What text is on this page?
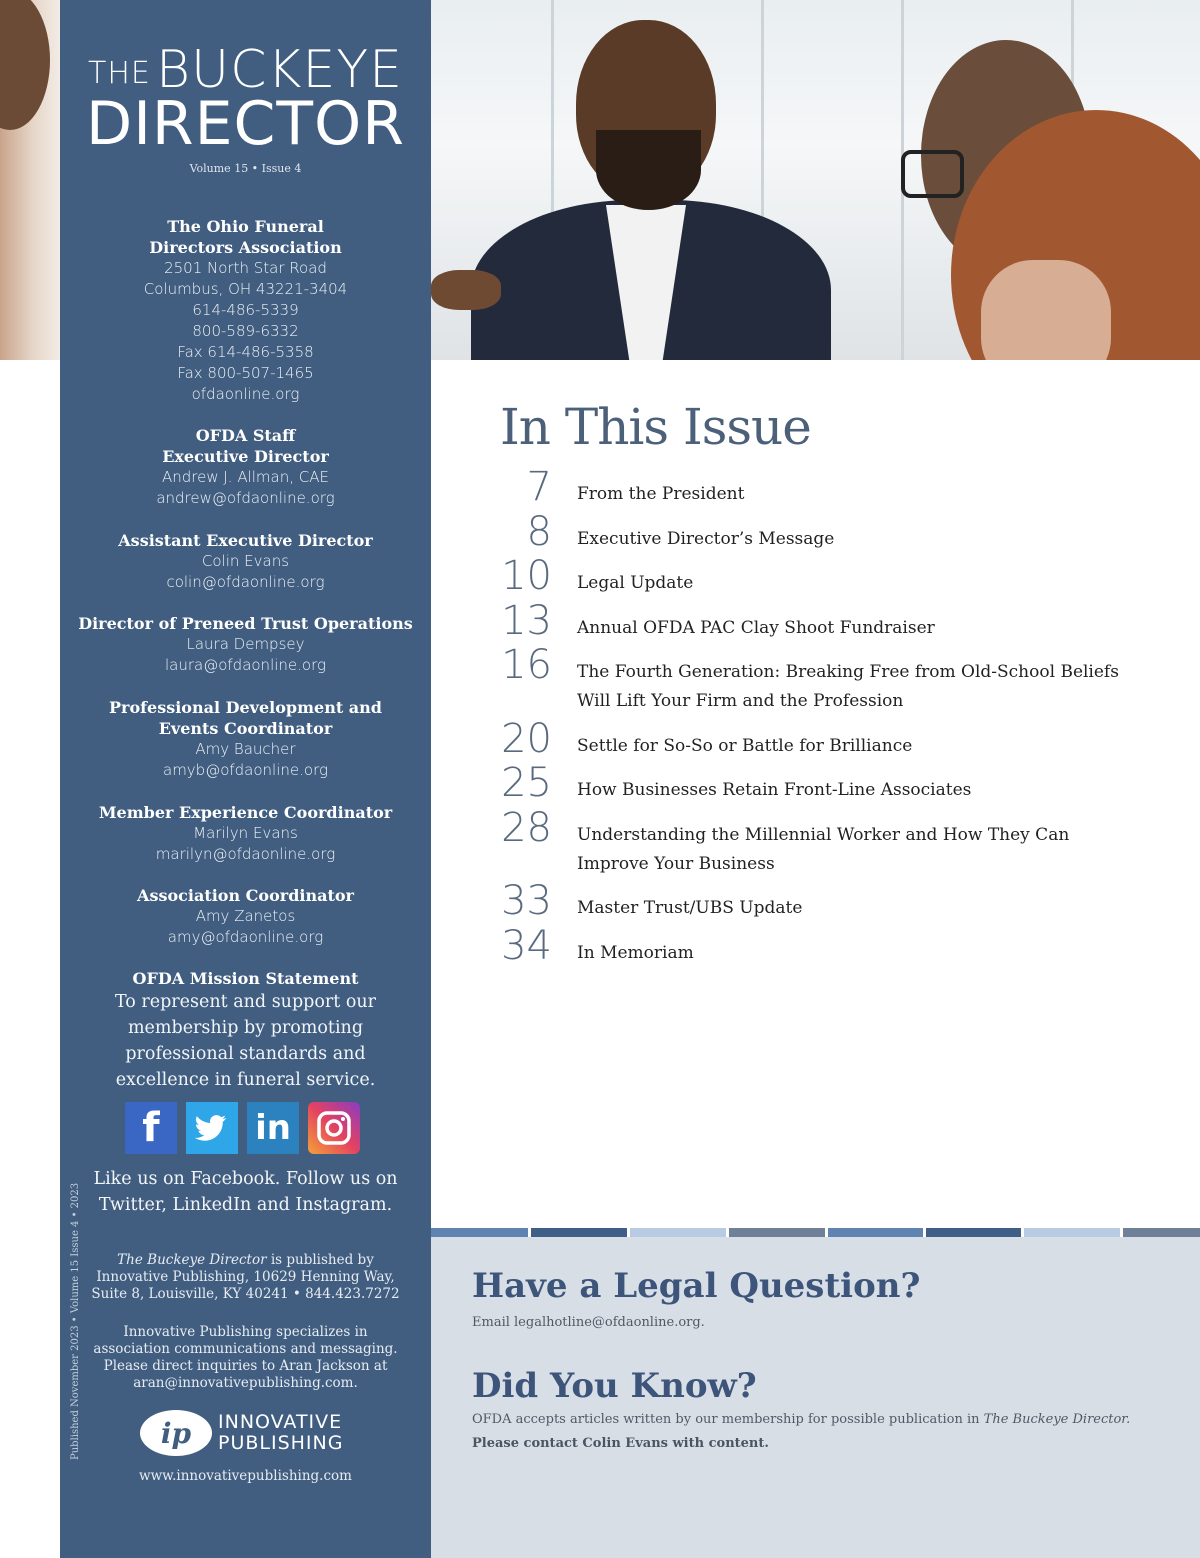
THE BUCKEYE
DIRECTOR
Volume 15 • Issue 4
The Ohio Funeral
Directors Association
2501 North Star Road
Columbus, OH 43221-3404
614-486-5339
800-589-6332
Fax 614-486-5358
Fax 800-507-1465
ofdaonline.org
OFDA Staff
Executive Director
Andrew J. Allman, CAE
andrew@ofdaonline.org
Assistant Executive Director
Colin Evans
colin@ofdaonline.org
Director of Preneed Trust Operations
Laura Dempsey
laura@ofdaonline.org
Professional Development and
Events Coordinator
Amy Baucher
amyb@ofdaonline.org
Member Experience Coordinator
Marilyn Evans
marilyn@ofdaonline.org
Association Coordinator
Amy Zanetos
amy@ofdaonline.org
OFDA Mission Statement
To represent and support our
membership by promoting
professional standards and
excellence in funeral service.
f	in
Like us on Facebook. Follow us on
Twitter, LinkedIn and Instagram.
Published November 2023 • Volume 15 Issue 4 • 2023	The Buckeye Director is published by
Innovative Publishing, 10629 Henning Way,
Suite 8, Louisville, KY 40241 • 844.423.7272
Innovative Publishing specializes in
association communications and messaging.
Please direct inquiries to Aran Jackson at
aran@innovativepublishing.com.
ip	INNOVATIVE
PUBLISHING
www.innovativepublishing.com
In This Issue
7 From the President
8 Executive Director’s Message
10 Legal Update
13 Annual OFDA PAC Clay Shoot Fundraiser
16 The Fourth Generation: Breaking Free from Old-School Beliefs
Will Lift Your Firm and the Profession
20 Settle for So-So or Battle for Brilliance
25 How Businesses Retain Front-Line Associates
28 Understanding the Millennial Worker and How They Can
Improve Your Business
33 Master Trust/UBS Update
34 In Memoriam
Have a Legal Question?
Email legalhotline@ofdaonline.org.
Did You Know?
OFDA accepts articles written by our membership for possible publication in The Buckeye Director.
Please contact Colin Evans with content.
